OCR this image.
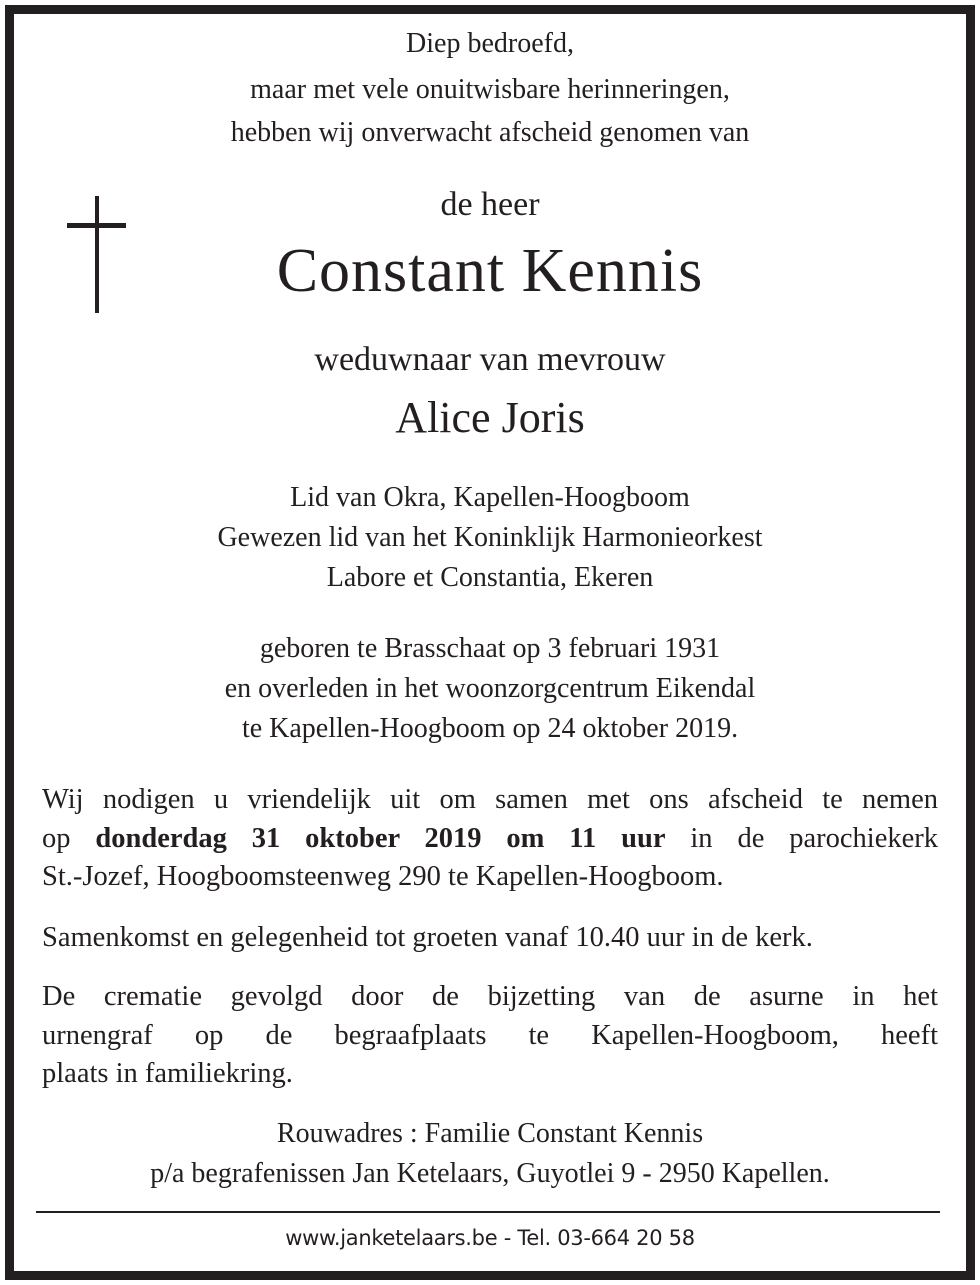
Diep bedroefd,
maar met vele onuitwisbare herinneringen,
hebben wij onverwacht afscheid genomen van
de heer
Constant Kennis
weduwnaar van mevrouw
Alice Joris
Lid van Okra, Kapellen-Hoogboom
Gewezen lid van het Koninklijk Harmonieorkest
Labore et Constantia, Ekeren
geboren te Brasschaat op 3 februari 1931
en overleden in het woonzorgcentrum Eikendal
te Kapellen-Hoogboom op 24 oktober 2019.
Wij nodigen u vriendelijk uit om samen met ons afscheid te nemen
op donderdag 31 oktober 2019 om 11 uur in de parochiekerk
St.-Jozef, Hoogboomsteenweg 290 te Kapellen-Hoogboom.
Samenkomst en gelegenheid tot groeten vanaf 10.40 uur in de kerk.
De crematie gevolgd door de bijzetting van de asurne in het
urnengraf op de begraafplaats te Kapellen-Hoogboom, heeft
plaats in familiekring.
Rouwadres : Familie Constant Kennis
p/a begrafenissen Jan Ketelaars, Guyotlei 9 - 2950 Kapellen.
www.janketelaars.be - Tel. 03-664 20 58
